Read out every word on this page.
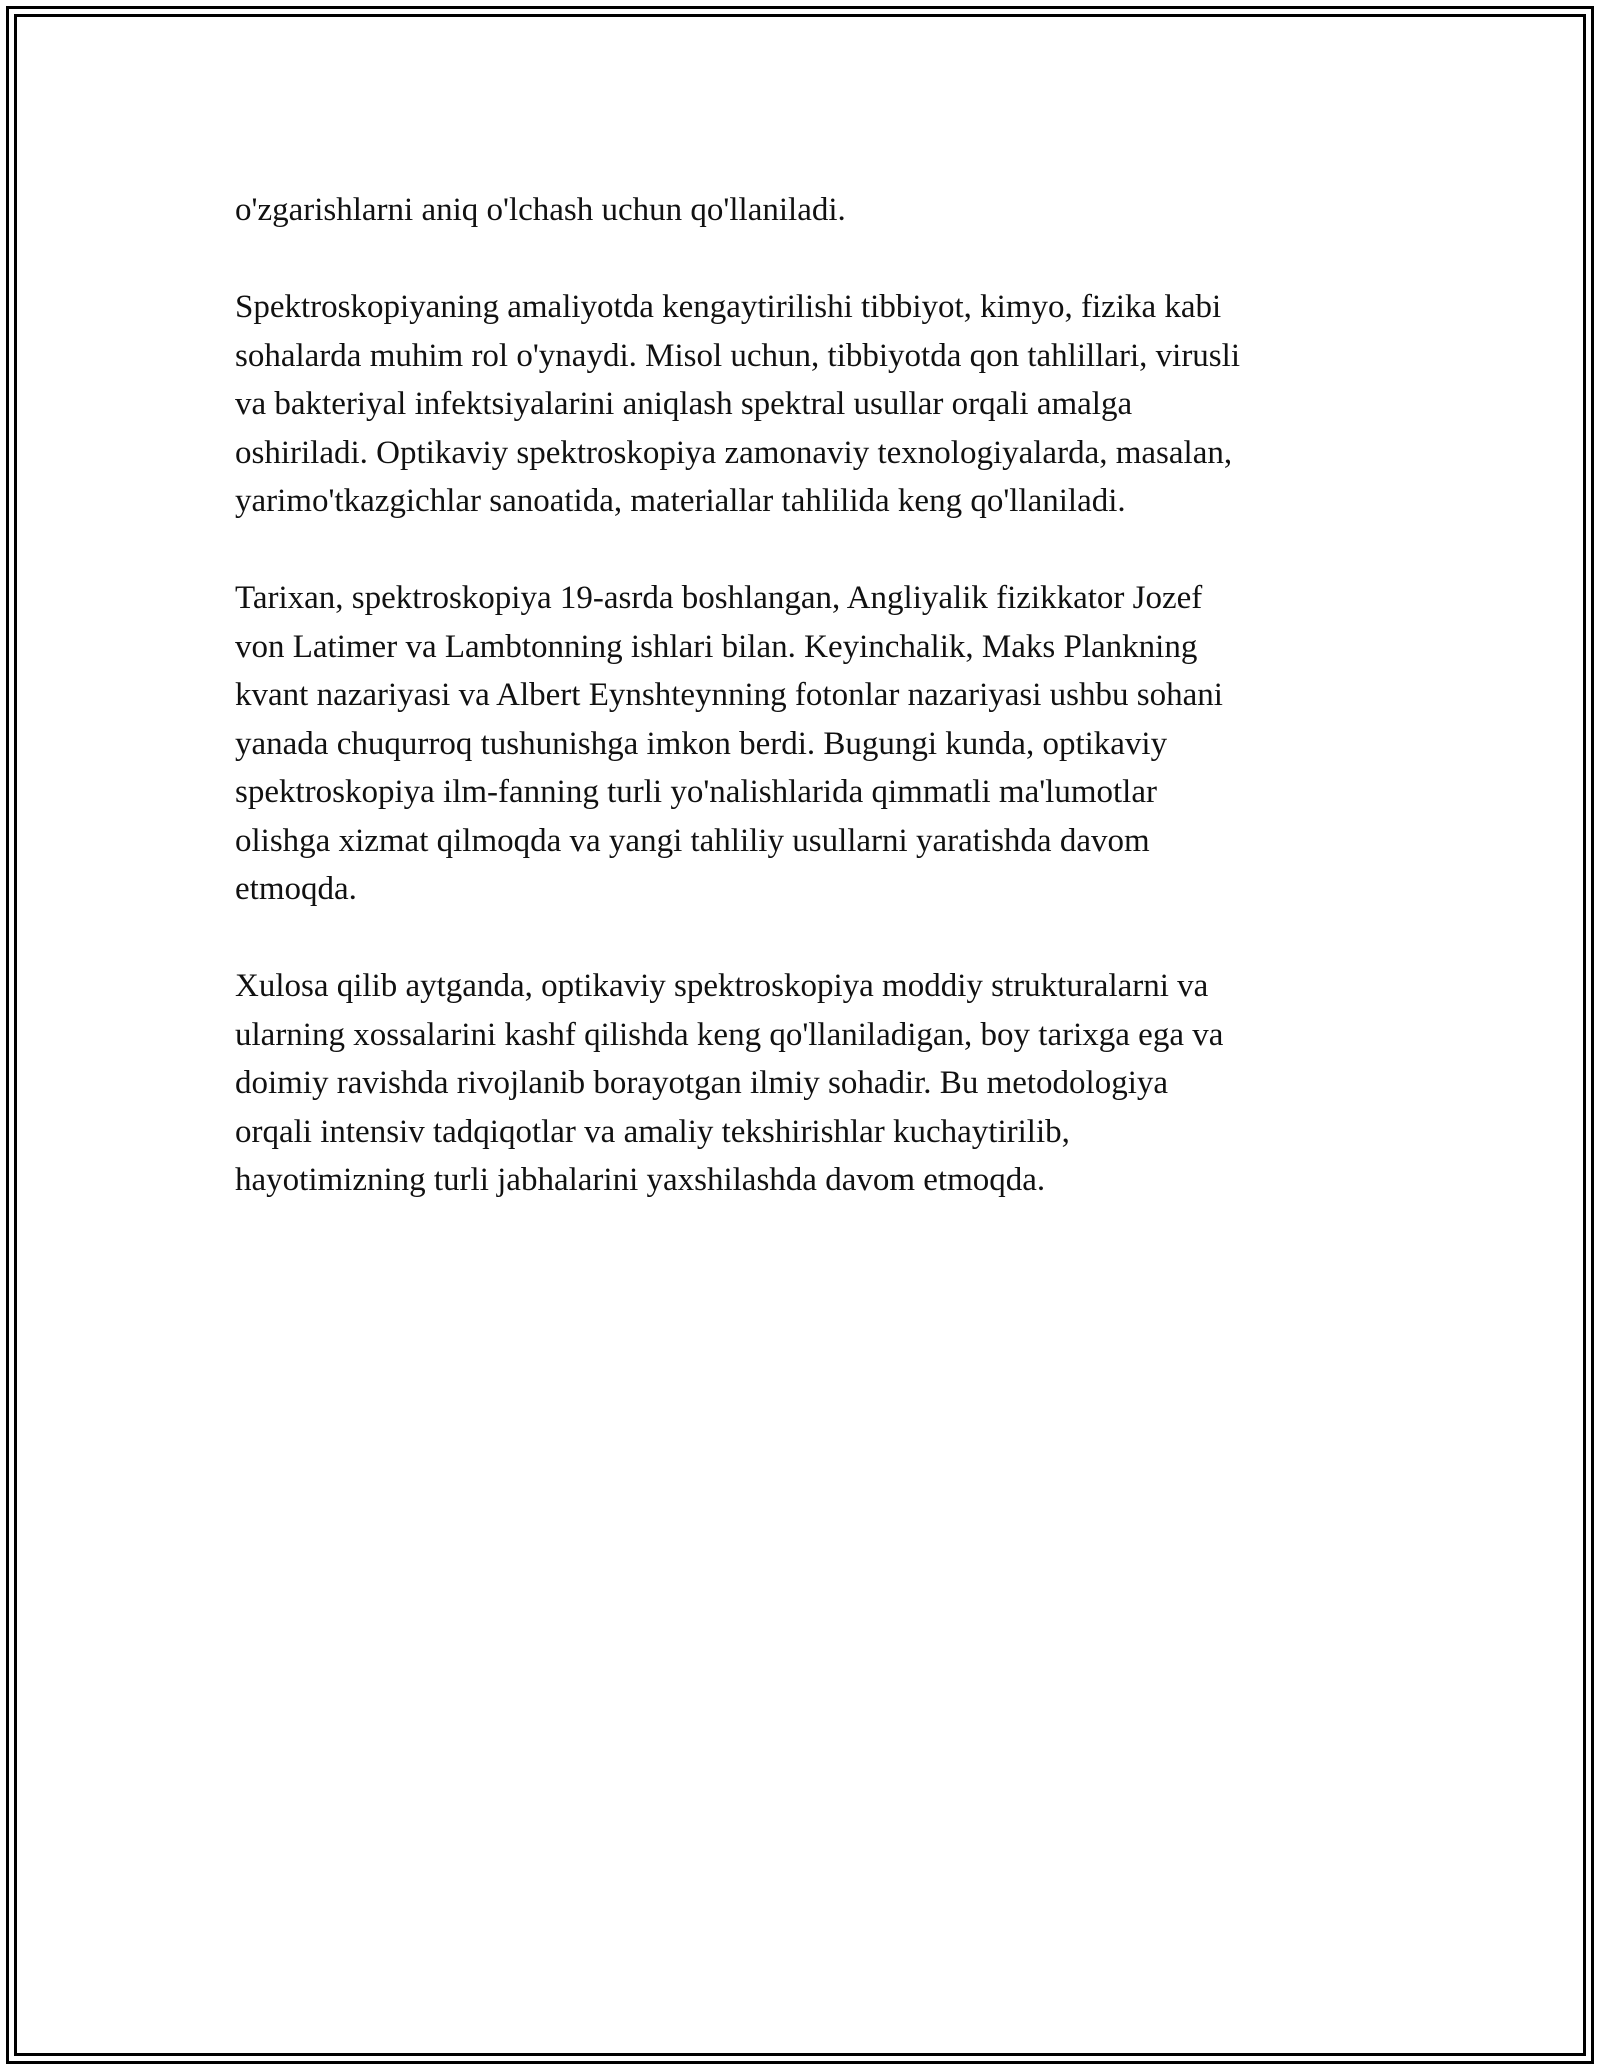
o'zgarishlarni aniq o'lchash uchun qo'llaniladi.

Spektroskopiyaning amaliyotda kengaytirilishi tibbiyot, kimyo, fizika kabi
sohalarda muhim rol o'ynaydi. Misol uchun, tibbiyotda qon tahlillari, virusli
va bakteriyal infektsiyalarini aniqlash spektral usullar orqali amalga
oshiriladi. Optikaviy spektroskopiya zamonaviy texnologiyalarda, masalan,
yarimo'tkazgichlar sanoatida, materiallar tahlilida keng qo'llaniladi.

Tarixan, spektroskopiya 19-asrda boshlangan, Angliyalik fizikkator Jozef
von Latimer va Lambtonning ishlari bilan. Keyinchalik, Maks Plankning
kvant nazariyasi va Albert Eynshteynning fotonlar nazariyasi ushbu sohani
yanada chuqurroq tushunishga imkon berdi. Bugungi kunda, optikaviy
spektroskopiya ilm-fanning turli yo'nalishlarida qimmatli ma'lumotlar
olishga xizmat qilmoqda va yangi tahliliy usullarni yaratishda davom
etmoqda.

Xulosa qilib aytganda, optikaviy spektroskopiya moddiy strukturalarni va
ularning xossalarini kashf qilishda keng qo'llaniladigan, boy tarixga ega va
doimiy ravishda rivojlanib borayotgan ilmiy sohadir. Bu metodologiya
orqali intensiv tadqiqotlar va amaliy tekshirishlar kuchaytirilib,
hayotimizning turli jabhalarini yaxshilashda davom etmoqda.
